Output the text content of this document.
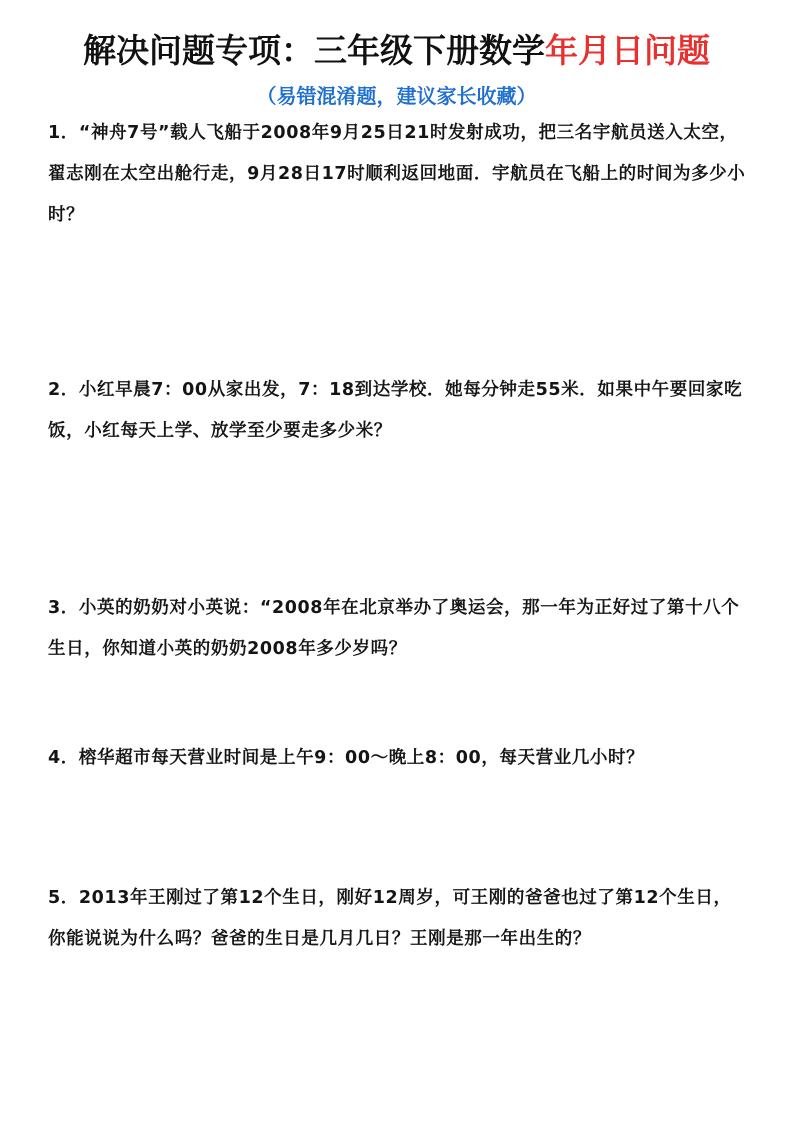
解决问题专项：三年级下册数学年月日问题
（易错混淆题，建议家长收藏）
1．“神舟7号”载人飞船于2008年9月25日21时发射成功，把三名宇航员送入太空，翟志刚在太空出舱行走，9月28日17时顺利返回地面．宇航员在飞船上的时间为多少小时？
2．小红早晨7：00从家出发，7：18到达学校．她每分钟走55米．如果中午要回家吃饭，小红每天上学、放学至少要走多少米？
3．小英的奶奶对小英说：“2008年在北京举办了奥运会，那一年为正好过了第十八个生日，你知道小英的奶奶2008年多少岁吗？
4．榕华超市每天营业时间是上午9：00～晚上8：00，每天营业几小时？
5．2013年王刚过了第12个生日，刚好12周岁，可王刚的爸爸也过了第12个生日，你能说说为什么吗？爸爸的生日是几月几日？王刚是那一年出生的？
